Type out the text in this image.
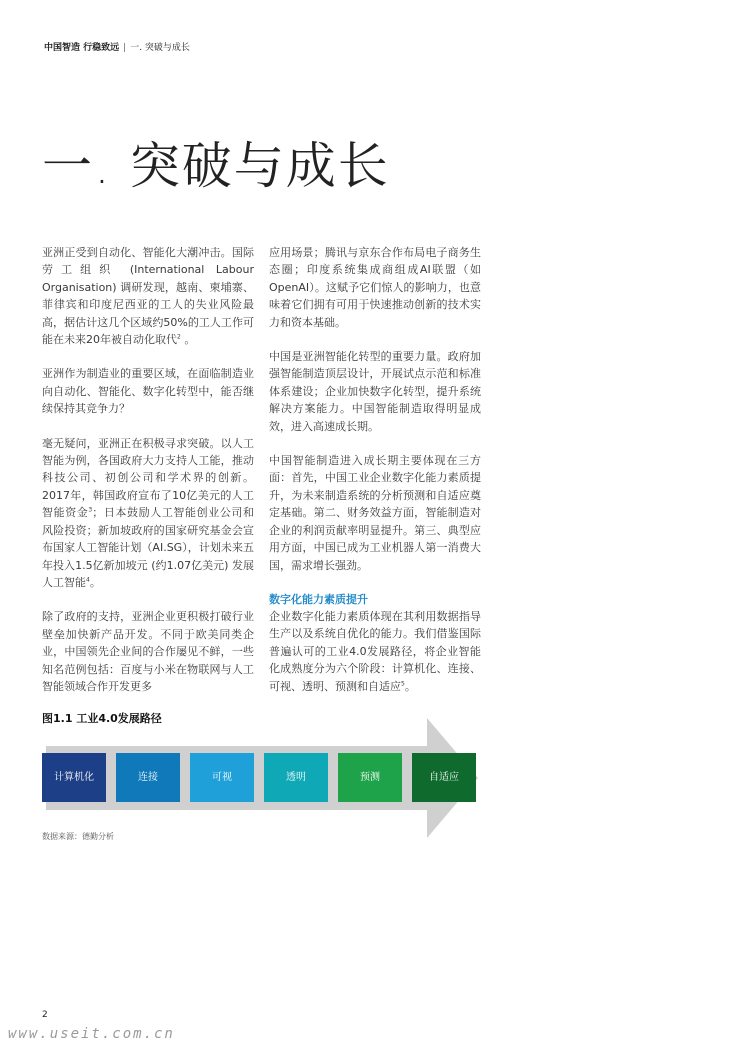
中国智造 行稳致远 | 一. 突破与成长
一. 突破与成长

亚洲正受到自动化、智能化大潮冲击。国际劳工组织 (International Labour Organisation) 调研发现，越南、柬埔寨、菲律宾和印度尼西亚的工人的失业风险最高，据估计这几个区域约50%的工人工作可能在未来20年被自动化取代$^2$ 。

亚洲作为制造业的重要区域，在面临制造业向自动化、智能化、数字化转型中，能否继续保持其竞争力？

毫无疑问，亚洲正在积极寻求突破。以人工智能为例，各国政府大力支持人工能，推动科技公司、初创公司和学术界的创新。2017年，韩国政府宣布了10亿美元的人工智能资金$^3$；日本鼓励人工智能创业公司和风险投资；新加坡政府的国家研究基金会宣布国家人工智能计划（AI.SG），计划未来五年投入1.5亿新加坡元 (约1.07亿美元) 发展人工智能$^4$。

除了政府的支持，亚洲企业更积极打破行业壁垒加快新产品开发。不同于欧美同类企业，中国领先企业间的合作屡见不鲜，一些知名范例包括：百度与小米在物联网与人工智能领域合作开发更多

应用场景；腾讯与京东合作布局电子商务生态圈；印度系统集成商组成AI联盟（如OpenAI）。这赋予它们惊人的影响力，也意味着它们拥有可用于快速推动创新的技术实力和资本基础。

中国是亚洲智能化转型的重要力量。政府加强智能制造顶层设计，开展试点示范和标准体系建设；企业加快数字化转型，提升系统解决方案能力。中国智能制造取得明显成效，进入高速成长期。

中国智能制造进入成长期主要体现在三方面：首先，中国工业企业数字化能力素质提升，为未来制造系统的分析预测和自适应奠定基础。第二、财务效益方面，智能制造对企业的利润贡献率明显提升。第三、典型应用方面，中国已成为工业机器人第一消费大国，需求增长强劲。

数字化能力素质提升

企业数字化能力素质体现在其利用数据指导生产以及系统自优化的能力。我们借鉴国际普遍认可的工业4.0发展路径，将企业智能化成熟度分为六个阶段：计算机化、连接、可视、透明、预测和自适应$^5$。

图1.1 工业4.0发展路径
计算机化	连接	可视	透明	预测	自适应
数据来源：德勤分析
2
www.useit.com.cn
